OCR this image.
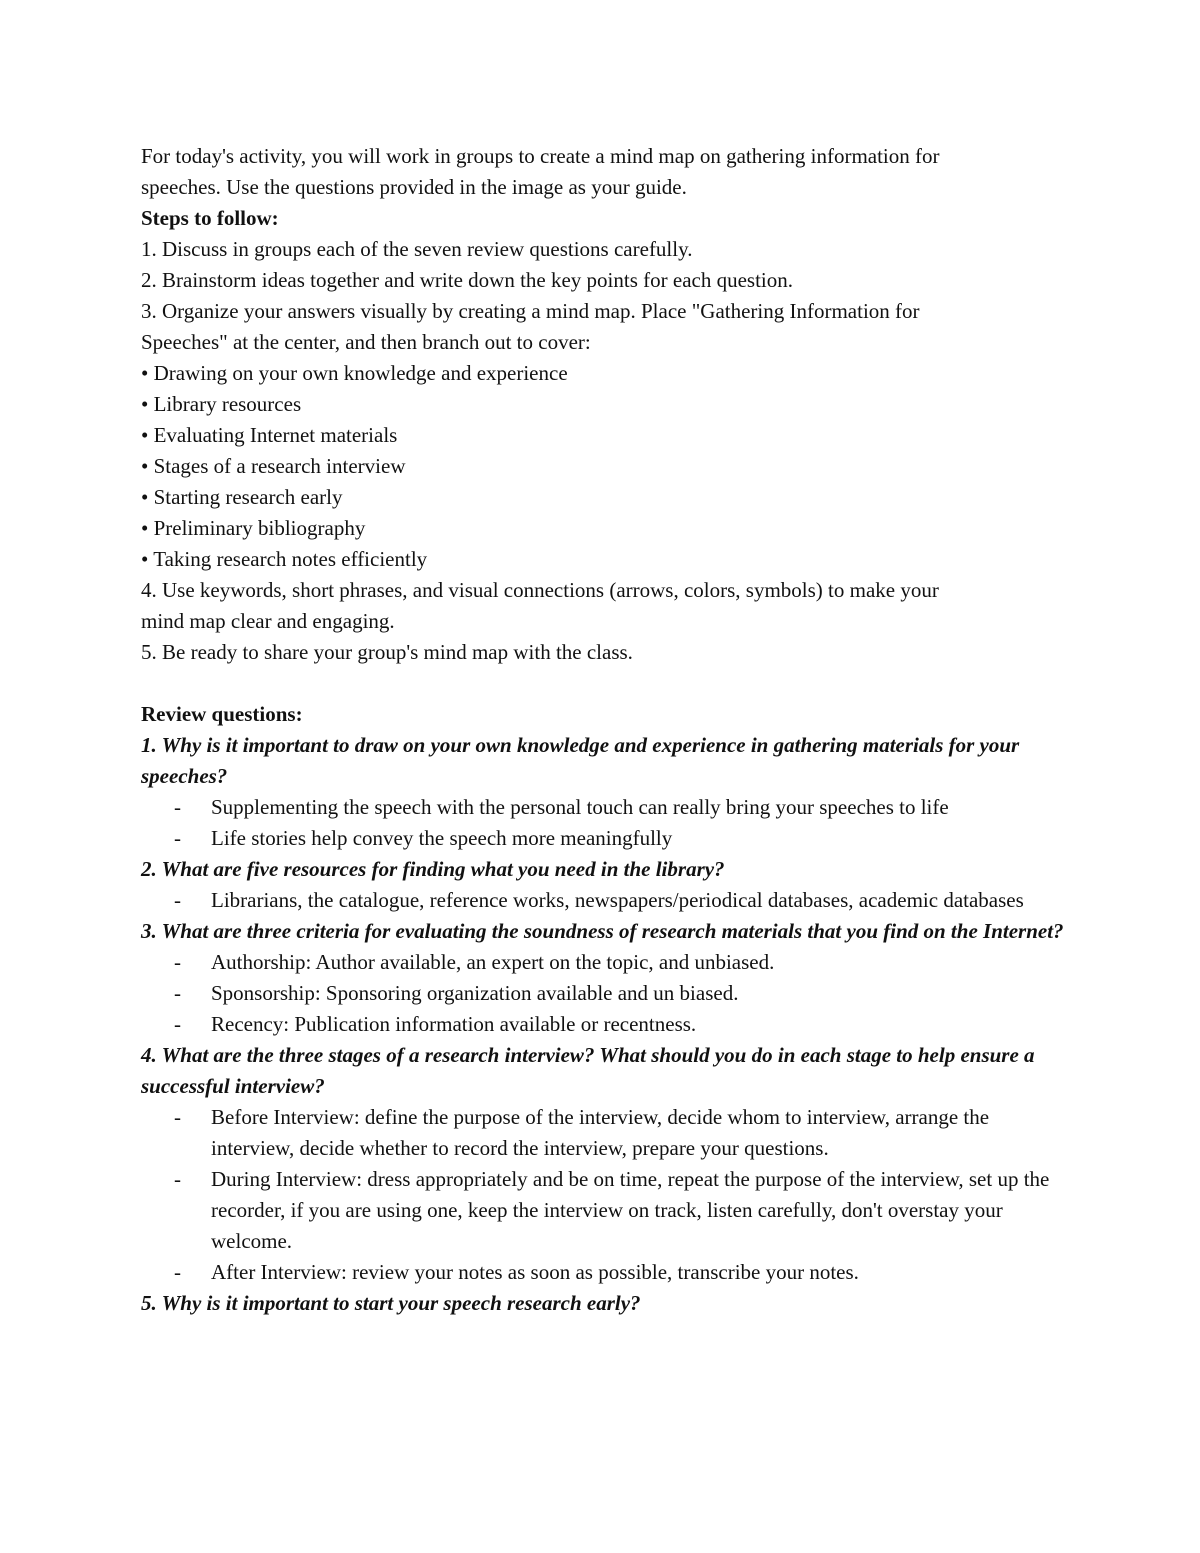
For today's activity, you will work in groups to create a mind map on gathering information for
speeches. Use the questions provided in the image as your guide.
Steps to follow:
1. Discuss in groups each of the seven review questions carefully.
2. Brainstorm ideas together and write down the key points for each question.
3. Organize your answers visually by creating a mind map. Place "Gathering Information for
Speeches" at the center, and then branch out to cover:
• Drawing on your own knowledge and experience
• Library resources
• Evaluating Internet materials
• Stages of a research interview
• Starting research early
• Preliminary bibliography
• Taking research notes efficiently
4. Use keywords, short phrases, and visual connections (arrows, colors, symbols) to make your
mind map clear and engaging.
5. Be ready to share your group's mind map with the class.
Review questions:
1. Why is it important to draw on your own knowledge and experience in gathering materials for your speeches?
- Supplementing the speech with the personal touch can really bring your speeches to life
- Life stories help convey the speech more meaningfully
2. What are five resources for finding what you need in the library?
- Librarians, the catalogue, reference works, newspapers/periodical databases, academic databases
3. What are three criteria for evaluating the soundness of research materials that you find on the Internet?
- Authorship: Author available, an expert on the topic, and unbiased.
- Sponsorship: Sponsoring organization available and un biased.
- Recency: Publication information available or recentness.
4. What are the three stages of a research interview? What should you do in each stage to help ensure a successful interview?
- Before Interview: define the purpose of the interview, decide whom to interview, arrange the interview, decide whether to record the interview, prepare your questions.
- During Interview: dress appropriately and be on time, repeat the purpose of the interview, set up the recorder, if you are using one, keep the interview on track, listen carefully, don't overstay your welcome.
- After Interview: review your notes as soon as possible, transcribe your notes.
5. Why is it important to start your speech research early?
